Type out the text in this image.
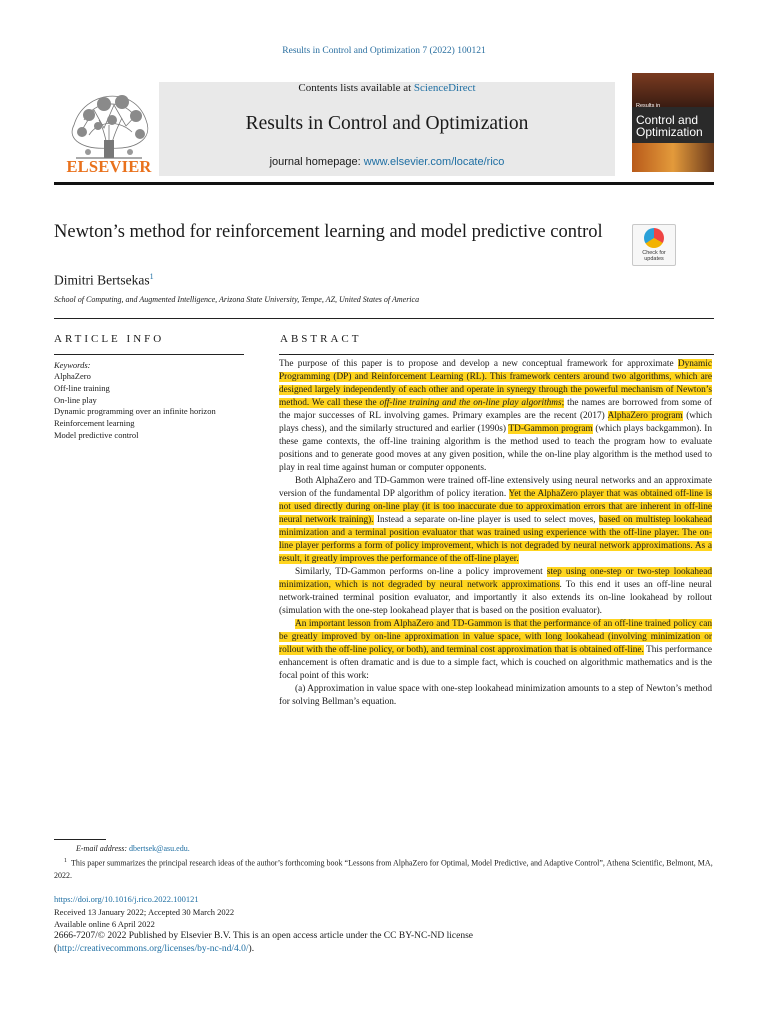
Results in Control and Optimization 7 (2022) 100121
ELSEVIER
Contents lists available at ScienceDirect
Results in Control and Optimization
journal homepage: www.elsevier.com/locate/rico
Results in
Control and Optimization
Newton’s method for reinforcement learning and model predictive control
Check for updates
Dimitri Bertsekas$^1$
School of Computing, and Augmented Intelligence, Arizona State University, Tempe, AZ, United States of America
ARTICLE INFO	ABSTRACT
Keywords:
AlphaZero
Off-line training
On-line play
Dynamic programming over an infinite horizon
Reinforcement learning
Model predictive control

The purpose of this paper is to propose and develop a new conceptual framework for approximate Dynamic Programming (DP) and Reinforcement Learning (RL). This framework centers around two algorithms, which are designed largely independently of each other and operate in synergy through the powerful mechanism of Newton’s method. We call these the off-line training and the on-line play algorithms; the names are borrowed from some of the major successes of RL involving games. Primary examples are the recent (2017) AlphaZero program (which plays chess), and the similarly structured and earlier (1990s) TD-Gammon program (which plays backgammon). In these game contexts, the off-line training algorithm is the method used to teach the program how to evaluate positions and to generate good moves at any given position, while the on-line play algorithm is the method used to play in real time against human or computer opponents.

Both AlphaZero and TD-Gammon were trained off-line extensively using neural networks and an approximate version of the fundamental DP algorithm of policy iteration. Yet the AlphaZero player that was obtained off-line is not used directly during on-line play (it is too inaccurate due to approximation errors that are inherent in off-line neural network training). Instead a separate on-line player is used to select moves, based on multistep lookahead minimization and a terminal position evaluator that was trained using experience with the off-line player. The on-line player performs a form of policy improvement, which is not degraded by neural network approximations. As a result, it greatly improves the performance of the off-line player.

Similarly, TD-Gammon performs on-line a policy improvement step using one-step or two-step lookahead minimization, which is not degraded by neural network approximations. To this end it uses an off-line neural network-trained terminal position evaluator, and importantly it also extends its on-line lookahead by rollout (simulation with the one-step lookahead player that is based on the position evaluator).

An important lesson from AlphaZero and TD-Gammon is that the performance of an off-line trained policy can be greatly improved by on-line approximation in value space, with long lookahead (involving minimization or rollout with the off-line policy, or both), and terminal cost approximation that is obtained off-line. This performance enhancement is often dramatic and is due to a simple fact, which is couched on algorithmic mathematics and is the focal point of this work:

(a) Approximation in value space with one-step lookahead minimization amounts to a step of Newton’s method for solving Bellman’s equation.

E-mail address: dbertsek@asu.edu.
$^1$ This paper summarizes the principal research ideas of the author’s forthcoming book “Lessons from AlphaZero for Optimal, Model Predictive, and Adaptive Control”, Athena Scientific, Belmont, MA, 2022.
https://doi.org/10.1016/j.rico.2022.100121
Received 13 January 2022; Accepted 30 March 2022
Available online 6 April 2022
2666-7207/© 2022 Published by Elsevier B.V. This is an open access article under the CC BY-NC-ND license
(http://creativecommons.org/licenses/by-nc-nd/4.0/).
